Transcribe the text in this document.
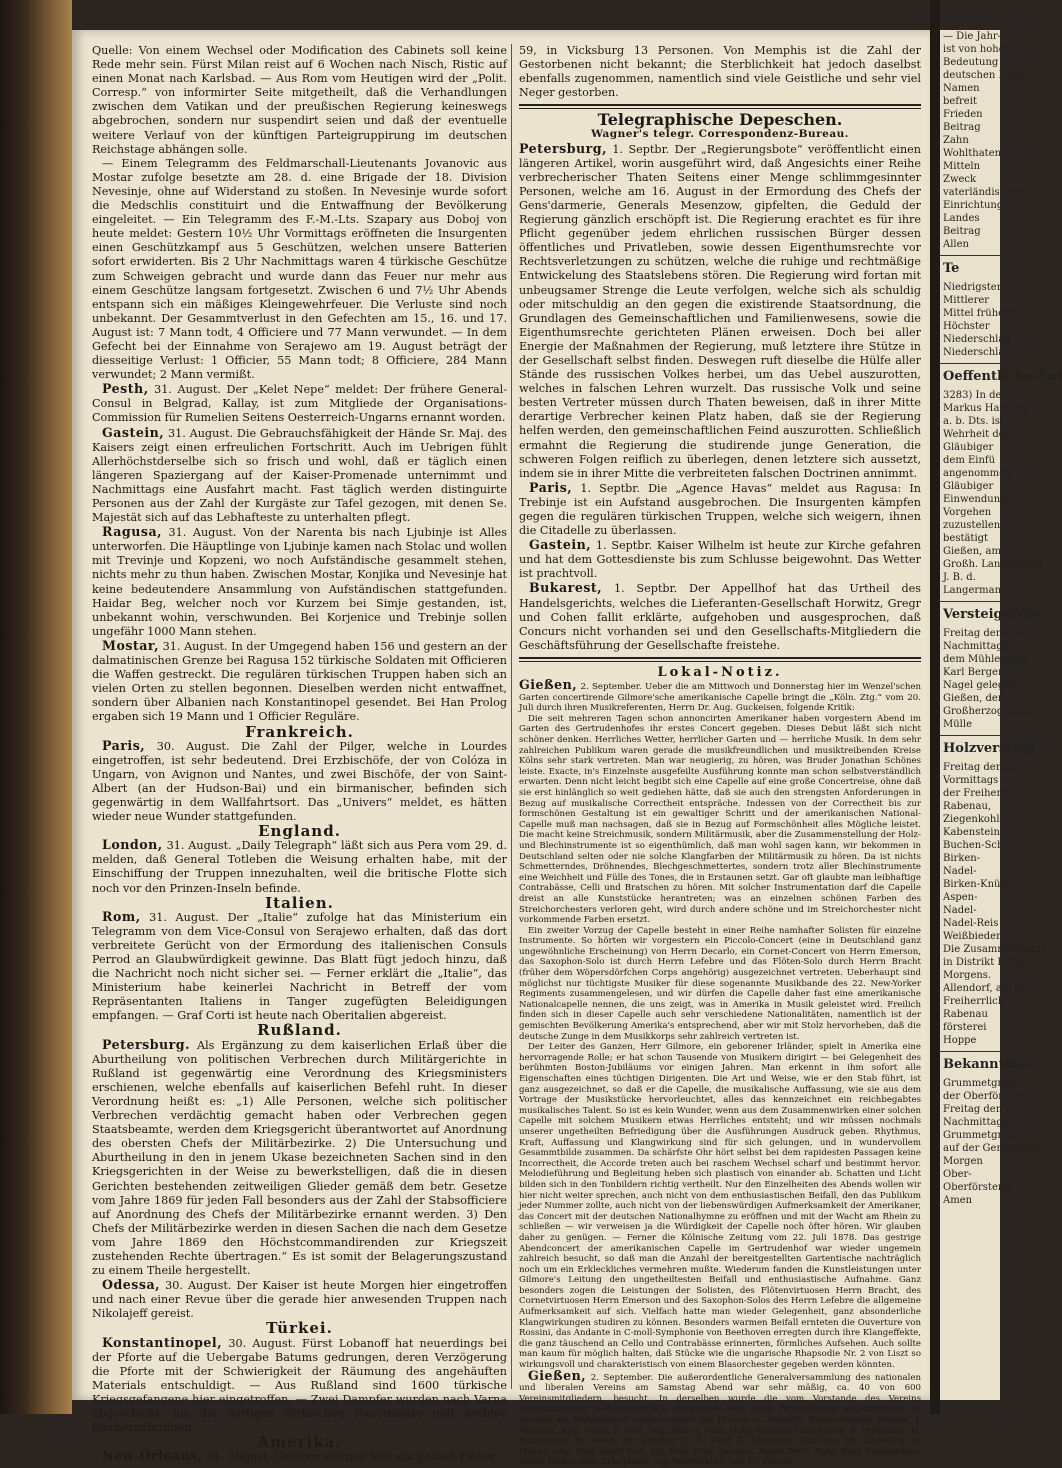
Quelle: Von einem Wechsel oder Modification des Cabinets soll keine Rede mehr sein. Fürst Milan reist auf 6 Wochen nach Nisch, Ristic auf einen Monat nach Karlsbad. — Aus Rom vom Heutigen wird der „Polit. Corresp.“ von informirter Seite mitgetheilt, daß die Verhandlungen zwischen dem Vatikan und der preußischen Regierung keineswegs abgebrochen, sondern nur suspendirt seien und daß der eventuelle weitere Verlauf von der künftigen Parteigruppirung im deutschen Reichstage abhängen solle.

— Einem Telegramm des Feldmarschall-Lieutenants Jovanovic aus Mostar zufolge besetzte am 28. d. eine Brigade der 18. Division Nevesinje, ohne auf Widerstand zu stoßen. In Nevesinje wurde sofort die Medschlis constituirt und die Entwaffnung der Bevölkerung eingeleitet. — Ein Telegramm des F.-M.-Lts. Szapary aus Doboj von heute meldet: Gestern 10½ Uhr Vormittags eröffneten die Insurgenten einen Geschützkampf aus 5 Geschützen, welchen unsere Batterien sofort erwiderten. Bis 2 Uhr Nachmittags waren 4 türkische Geschütze zum Schweigen gebracht und wurde dann das Feuer nur mehr aus einem Geschütze langsam fortgesetzt. Zwischen 6 und 7½ Uhr Abends entspann sich ein mäßiges Kleingewehrfeuer. Die Verluste sind noch unbekannt. Der Gesammtverlust in den Gefechten am 15., 16. und 17. August ist: 7 Mann todt, 4 Officiere und 77 Mann verwundet. — In dem Gefecht bei der Einnahme von Serajewo am 19. August beträgt der diesseitige Verlust: 1 Officier, 55 Mann todt; 8 Officiere, 284 Mann verwundet; 2 Mann vermißt.

Pesth, 31. August. Der „Kelet Nepe“ meldet: Der frühere General-Consul in Belgrad, Kallay, ist zum Mitgliede der Organisations-Commission für Rumelien Seitens Oesterreich-Ungarns ernannt worden.

Gastein, 31. August. Die Gebrauchsfähigkeit der Hände Sr. Maj. des Kaisers zeigt einen erfreulichen Fortschritt. Auch im Uebrigen fühlt Allerhöchstderselbe sich so frisch und wohl, daß er täglich einen längeren Spaziergang auf der Kaiser-Promenade unternimmt und Nachmittags eine Ausfahrt macht. Fast täglich werden distinguirte Personen aus der Zahl der Kurgäste zur Tafel gezogen, mit denen Se. Majestät sich auf das Lebhafteste zu unterhalten pflegt.

Ragusa, 31. August. Von der Narenta bis nach Ljubinje ist Alles unterworfen. Die Häuptlinge von Ljubinje kamen nach Stolac und wollen mit Trevinje und Kopzeni, wo noch Aufständische gesammelt stehen, nichts mehr zu thun haben. Zwischen Mostar, Konjika und Nevesinje hat keine bedeutendere Ansammlung von Aufständischen stattgefunden. Haidar Beg, welcher noch vor Kurzem bei Simje gestanden, ist, unbekannt wohin, verschwunden. Bei Korjenice und Trebinje sollen ungefähr 1000 Mann stehen.

Mostar, 31. August. In der Umgegend haben 156 und gestern an der dalmatinischen Grenze bei Ragusa 152 türkische Soldaten mit Officieren die Waffen gestreckt. Die regulären türkischen Truppen haben sich an vielen Orten zu stellen begonnen. Dieselben werden nicht entwaffnet, sondern über Albanien nach Konstantinopel gesendet. Bei Han Prolog ergaben sich 19 Mann und 1 Officier Reguläre.

Frankreich.

Paris, 30. August. Die Zahl der Pilger, welche in Lourdes eingetroffen, ist sehr bedeutend. Drei Erzbischöfe, der von Colóza in Ungarn, von Avignon und Nantes, und zwei Bischöfe, der von Saint-Albert (an der Hudson-Bai) und ein birmanischer, befinden sich gegenwärtig in dem Wallfahrtsort. Das „Univers“ meldet, es hätten wieder neue Wunder stattgefunden.

England.

London, 31. August. „Daily Telegraph“ läßt sich aus Pera vom 29. d. melden, daß General Totleben die Weisung erhalten habe, mit der Einschiffung der Truppen innezuhalten, weil die britische Flotte sich noch vor den Prinzen-Inseln befinde.

Italien.

Rom, 31. August. Der „Italie“ zufolge hat das Ministerium ein Telegramm von dem Vice-Consul von Serajewo erhalten, daß das dort verbreitete Gerücht von der Ermordung des italienischen Consuls Perrod an Glaubwürdigkeit gewinne. Das Blatt fügt jedoch hinzu, daß die Nachricht noch nicht sicher sei. — Ferner erklärt die „Italie“, das Ministerium habe keinerlei Nachricht in Betreff der vom Repräsentanten Italiens in Tanger zugefügten Beleidigungen empfangen. — Graf Corti ist heute nach Oberitalien abgereist.

Rußland.

Petersburg. Als Ergänzung zu dem kaiserlichen Erlaß über die Aburtheilung von politischen Verbrechen durch Militärgerichte in Rußland ist gegenwärtig eine Verordnung des Kriegsministers erschienen, welche ebenfalls auf kaiserlichen Befehl ruht. In dieser Verordnung heißt es: „1) Alle Personen, welche sich politischer Verbrechen verdächtig gemacht haben oder Verbrechen gegen Staatsbeamte, werden dem Kriegsgericht überantwortet auf Anordnung des obersten Chefs der Militärbezirke. 2) Die Untersuchung und Aburtheilung in den in jenem Ukase bezeichneten Sachen sind in den Kriegsgerichten in der Weise zu bewerkstelligen, daß die in diesen Gerichten bestehenden zeitweiligen Glieder gemäß dem betr. Gesetze vom Jahre 1869 für jeden Fall besonders aus der Zahl der Stabsofficiere auf Anordnung des Chefs der Militärbezirke ernannt werden. 3) Den Chefs der Militärbezirke werden in diesen Sachen die nach dem Gesetze vom Jahre 1869 den Höchstcommandirenden zur Kriegszeit zustehenden Rechte übertragen.“ Es ist somit der Belagerungszustand zu einem Theile hergestellt.

Odessa, 30. August. Der Kaiser ist heute Morgen hier eingetroffen und nach einer Revue über die gerade hier anwesenden Truppen nach Nikolajeff gereist.

Türkei.

Konstantinopel, 30. August. Fürst Lobanoff hat neuerdings bei der Pforte auf die Uebergabe Batums gedrungen, deren Verzögerung die Pforte mit der Schwierigkeit der Räumung des angehäuften Materials entschuldigt. — Aus Rußland sind 1600 türkische Kriegsgefangene hier eingetroffen. — Zwei Dampfer wurden nach Varna abgeschickt, um die dortigen türkischen Functionäre und Archive hierherzubringen.

Amerika.

New-Orleans, 31. August. Gestern starben hier am gelben Fieber

59, in Vicksburg 13 Personen. Von Memphis ist die Zahl der Gestorbenen nicht bekannt; die Sterblichkeit hat jedoch daselbst ebenfalls zugenommen, namentlich sind viele Geistliche und sehr viel Neger gestorben.

Telegraphische Depeschen.

Wagner's telegr. Correspondenz-Bureau.

Petersburg, 1. Septbr. Der „Regierungsbote“ veröffentlicht einen längeren Artikel, worin ausgeführt wird, daß Angesichts einer Reihe verbrecherischer Thaten Seitens einer Menge schlimmgesinnter Personen, welche am 16. August in der Ermordung des Chefs der Gens'darmerie, Generals Mesenzow, gipfelten, die Geduld der Regierung gänzlich erschöpft ist. Die Regierung erachtet es für ihre Pflicht gegenüber jedem ehrlichen russischen Bürger dessen öffentliches und Privatleben, sowie dessen Eigenthumsrechte vor Rechtsverletzungen zu schützen, welche die ruhige und rechtmäßige Entwickelung des Staatslebens stören. Die Regierung wird fortan mit unbeugsamer Strenge die Leute verfolgen, welche sich als schuldig oder mitschuldig an den gegen die existirende Staatsordnung, die Grundlagen des Gemeinschaftlichen und Familienwesens, sowie die Eigenthumsrechte gerichteten Plänen erweisen. Doch bei aller Energie der Maßnahmen der Regierung, muß letztere ihre Stütze in der Gesellschaft selbst finden. Deswegen ruft dieselbe die Hülfe aller Stände des russischen Volkes herbei, um das Uebel auszurotten, welches in falschen Lehren wurzelt. Das russische Volk und seine besten Vertreter müssen durch Thaten beweisen, daß in ihrer Mitte derartige Verbrecher keinen Platz haben, daß sie der Regierung helfen werden, den gemeinschaftlichen Feind auszurotten. Schließlich ermahnt die Regierung die studirende junge Generation, die schweren Folgen reiflich zu überlegen, denen letztere sich aussetzt, indem sie in ihrer Mitte die verbreiteten falschen Doctrinen annimmt.

Paris, 1. Septbr. Die „Agence Havas“ meldet aus Ragusa: In Trebinje ist ein Aufstand ausgebrochen. Die Insurgenten kämpfen gegen die regulären türkischen Truppen, welche sich weigern, ihnen die Citadelle zu überlassen.

Gastein, 1. Septbr. Kaiser Wilhelm ist heute zur Kirche gefahren und hat dem Gottesdienste bis zum Schlusse beigewohnt. Das Wetter ist prachtvoll.

Bukarest, 1. Septbr. Der Appellhof hat das Urtheil des Handelsgerichts, welches die Lieferanten-Gesellschaft Horwitz, Gregr und Cohen fallit erklärte, aufgehoben und ausgesprochen, daß Concurs nicht vorhanden sei und den Gesellschafts-Mitgliedern die Geschäftsführung der Gesellschafte freistehe.

Lokal-Notiz.

Gießen, 2. September. Ueber die am Mittwoch und Donnerstag hier im Wenzel'schen Garten concertirende Gilmore'sche amerikanische Capelle bringt die „Köln. Ztg.“ vom 20. Juli durch ihren Musikreferenten, Herrn Dr. Aug. Guckeisen, folgende Kritik:

Die seit mehreren Tagen schon annoncirten Amerikaner haben vorgestern Abend im Garten des Gertrudenhofes ihr erstes Concert gegeben. Dieses Debut läßt sich nicht schöner denken. Herrliches Wetter, herrlicher Garten und — herrliche Musik. In dem sehr zahlreichen Publikum waren gerade die musikfreundlichen und musiktreibenden Kreise Kölns sehr stark vertreten. Man war neugierig, zu hören, was Bruder Jonathan Schönes leiste. Exacte, in's Einzelnste ausgefeilte Ausführung konnte man schon selbstverständlich erwarten. Denn nicht leicht begibt sich eine Capelle auf eine große Concertreise, ohne daß sie erst hinlänglich so weit gediehen hätte, daß sie auch den strengsten Anforderungen in Bezug auf musikalische Correctheit entspräche. Indessen von der Correctheit bis zur formschönen Gestaltung ist ein gewaltiger Schritt und der amerikanischen National-Capelle muß man nachsagen, daß sie in Bezug auf Formschönheit alles Mögliche leistet. Die macht keine Streichmusik, sondern Militärmusik, aber die Zusammenstellung der Holz- und Blechinstrumente ist so eigenthümlich, daß man wohl sagen kann, wir bekommen in Deutschland selten oder nie solche Klangfarben der Militärmusik zu hören. Da ist nichts Schmetterndes, Dröhnendes, Blechgeschmettertes, sondern trotz aller Blechinstrumente eine Weichheit und Fülle des Tones, die in Erstaunen setzt. Gar oft glaubte man leibhaftige Contrabässe, Celli und Bratschen zu hören. Mit solcher Instrumentation darf die Capelle dreist an alle Kunststücke herantreten; was an einzelnen schönen Farben des Streichorchesters verloren geht, wird durch andere schöne und im Streichorchester nicht vorkommende Farben ersetzt.

Ein zweiter Vorzug der Capelle besteht in einer Reihe namhafter Solisten für einzelne Instrumente. So hörten wir vorgestern ein Piccolo-Concert (eine in Deutschland ganz ungewöhnliche Erscheinung) von Herrn Decarlo, ein Cornet-Concert von Herrn Emerson, das Saxophon-Solo ist durch Herrn Lefebre und das Flöten-Solo durch Herrn Bracht (früher dem Wöpersdörfchen Corps angehörig) ausgezeichnet vertreten. Ueberhaupt sind möglichst nur tüchtigste Musiker für diese sogenannte Musikbande des 22. New-Yorker Regiments zusammengelesen, und wir dürfen die Capelle daher fast eine amerikanische Nationalcapelle nennen, die uns zeigt, was in Amerika in Musik geleistet wird. Freilich finden sich in dieser Capelle auch sehr verschiedene Nationalitäten, namentlich ist der gemischten Bevölkerung Amerika's entsprechend, aber wir mit Stolz hervorheben, daß die deutsche Zunge in dem Musikkorps sehr zahlreich vertreten ist.

Der Leiter des Ganzen, Herr Gilmore, ein geborener Irländer, spielt in Amerika eine hervorragende Rolle; er hat schon Tausende von Musikern dirigirt — bei Gelegenheit des berühmten Boston-Jubiläums vor einigen Jahren. Man erkennt in ihm sofort alle Eigenschaften eines tüchtigen Dirigenten. Die Art und Weise, wie er den Stab führt, ist ganz ausgezeichnet, so daß er die Capelle, die musikalische Auffassung, wie sie aus dem Vortrage der Musikstücke hervorleuchtet, alles das kennzeichnet ein reichbegabtes musikalisches Talent. So ist es kein Wunder, wenn aus dem Zusammenwirken einer solchen Capelle mit solchem Musikern etwas Herrliches entsteht; und wir müssen nochmals unserer ungetheilten Befriedigung über die Ausführungen Ausdruck geben. Rhythmus, Kraft, Auffassung und Klangwirkung sind für sich gelungen, und in wundervollem Gesammtbilde zusammen. Da schärfste Ohr hört selbst bei dem rapidesten Passagen keine Incorrectheit, die Accorde treten auch bei raschem Wechsel scharf und bestimmt hervor. Melodieführung und Begleitung heben sich plastisch von einander ab. Schatten und Licht bilden sich in den Tonbildern richtig vertheilt. Nur den Einzelheiten des Abends wollen wir hier nicht weiter sprechen, auch nicht von dem enthusiastischen Beifall, den das Publikum jeder Nummer zollte, auch nicht von der liebenswürdigen Aufmerksamkeit der Amerikaner, das Concert mit der deutschen Nationalhymne zu eröffnen und mit der Wacht am Rhein zu schließen — wir verweisen ja die Würdigkeit der Capelle noch öfter hören. Wir glauben daher zu genügen. — Ferner die Kölnische Zeitung vom 22. Juli 1878. Das gestrige Abendconcert der amerikanischen Capelle im Gertrudenhof war wieder ungemein zahlreich besucht, so daß man die Anzahl der bereitgestellten Gartentische nachträglich noch um ein Erkleckliches vermehren mußte. Wiederum fanden die Kunstleistungen unter Gilmore's Leitung den ungetheiltesten Beifall und enthusiastische Aufnahme. Ganz besonders zogen die Leistungen der Solisten, des Flötenvirtuosen Herrn Bracht, des Cornetvirtuosen Herrn Emerson und des Saxophon-Solos des Herrn Lefebre die allgemeine Aufmerksamkeit auf sich. Vielfach hatte man wieder Gelegenheit, ganz absonderliche Klangwirkungen studiren zu können. Besonders warmen Beifall ernteten die Ouverture von Rossini, das Andante in C-moll-Symphonie von Beethoven erregten durch ihre Klangeffekte, die ganz täuschend an Cello und Contrabässe erinnerten, förmliches Aufsehen. Auch sollte man kaum für möglich halten, daß Stücke wie die ungarische Rhapsodie Nr. 2 von Liszt so wirkungsvoll und charakteristisch von einem Blasorchester gegeben werden könnten.

Gießen, 2. September. Die außerordentliche Generalversammlung des nationalen und liberalen Vereins am Samstag Abend war sehr mäßig, ca. 40 von 600 Vereinsmitgliedern, besucht. In derselben wurde die vom Vorstande des Vereins vorgeschlagene Wahlmännerliste mitgetheilt und nach Besprechung angenommen, es wurden als Wahlmänner vorgeschlagen die Herren G. Demuth, Bürgermeister Bramm, J. Bücking, Aug. Euler, F. Gail, Aug. Heß, J. Haß, Hofg.-Advocat Hirschhorn, F. Hoffmann, H. Homberger, W. Keller, Ph. Kreiling II., L. Kauf, G. Klingspor, Chr. Leo, Ph. Lüdeking, A. Mayer, Aug. Noll, Adolf Noll, Gg. Noll, Prof. Oncken, Anton Petri, Hofg.-Rath Pfannmüller, Anton Ricker, Chr. Schopbach, Gg. Wallenfels I. und Fr. Winter.

— Die Jahr-
ist von hoher
Bedeutung
deutschen Lande
Namen
befreit
Frieden
Beitrag
Zahn
Wohlthaten
Mitteln
Zweck
vaterländischen
Einrichtung
Landes
Beitrag
Allen
Te
Niedrigster
Mittlerer
Mittel früherer
Höchster
Niederschlag
Niederschlag
Oeffentliche Auf
3283) In der
Markus Hammer
a. b. Dts. ist
Wehrheit der
Gläubiger
dem Einfü
angenommen
Gläubiger
Einwendung
Vorgehen
zuzustellen
bestätigt
Gießen, am
Großh. Landgericht
J. B. d.
Langermann
Versteigerung
Freitag den 6. S
Nachmittags
dem Mühlenhofe
Karl Berger
Nagel gelegen
Gießen, den 2.
Großherzogliches
Mülle
Holzversteig
Freitag den 6. S
Vormittags
der Freiherrl.
Rabenau,
Ziegenkohl,
Kabenstein
Buchen-Sch
Birken-
Nadel-
Birken-Knüp
Aspen-
Nadel-
Nadel-Reis
Weißbiedern
Die Zusammenkunft
in Distrikt Holzer
Morgens.
Allendorf, am 31.
Freiherrlich
Rabenau
försterei
Hoppe
Bekanntma
Grummetgrasv
der Oberförsterei
Freitag den 6
Nachmittags
Grummetgras
auf der Gemarkung
Morgen
Ober-
Oberförsterei
Amen
